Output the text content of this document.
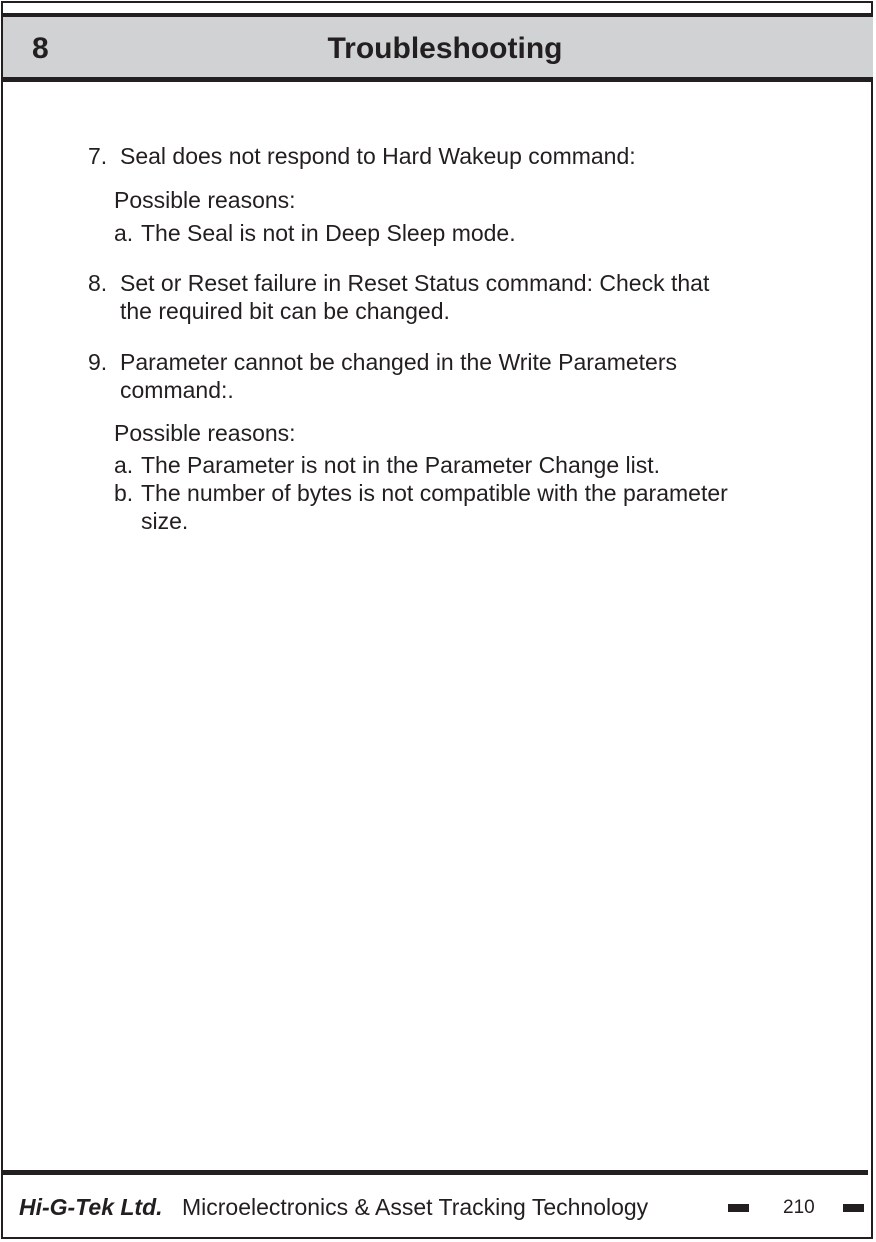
8	Troubleshooting
7. Seal does not respond to Hard Wakeup command:
Possible reasons:
a. The Seal is not in Deep Sleep mode.
8. Set or Reset failure in Reset Status command: Check that
the required bit can be changed.
9. Parameter cannot be changed in the Write Parameters
command:.
Possible reasons:
a. The Parameter is not in the Parameter Change list.
b. The number of bytes is not compatible with the parameter
size.
Hi-G-Tek Ltd. Microelectronics & Asset Tracking Technology	210
